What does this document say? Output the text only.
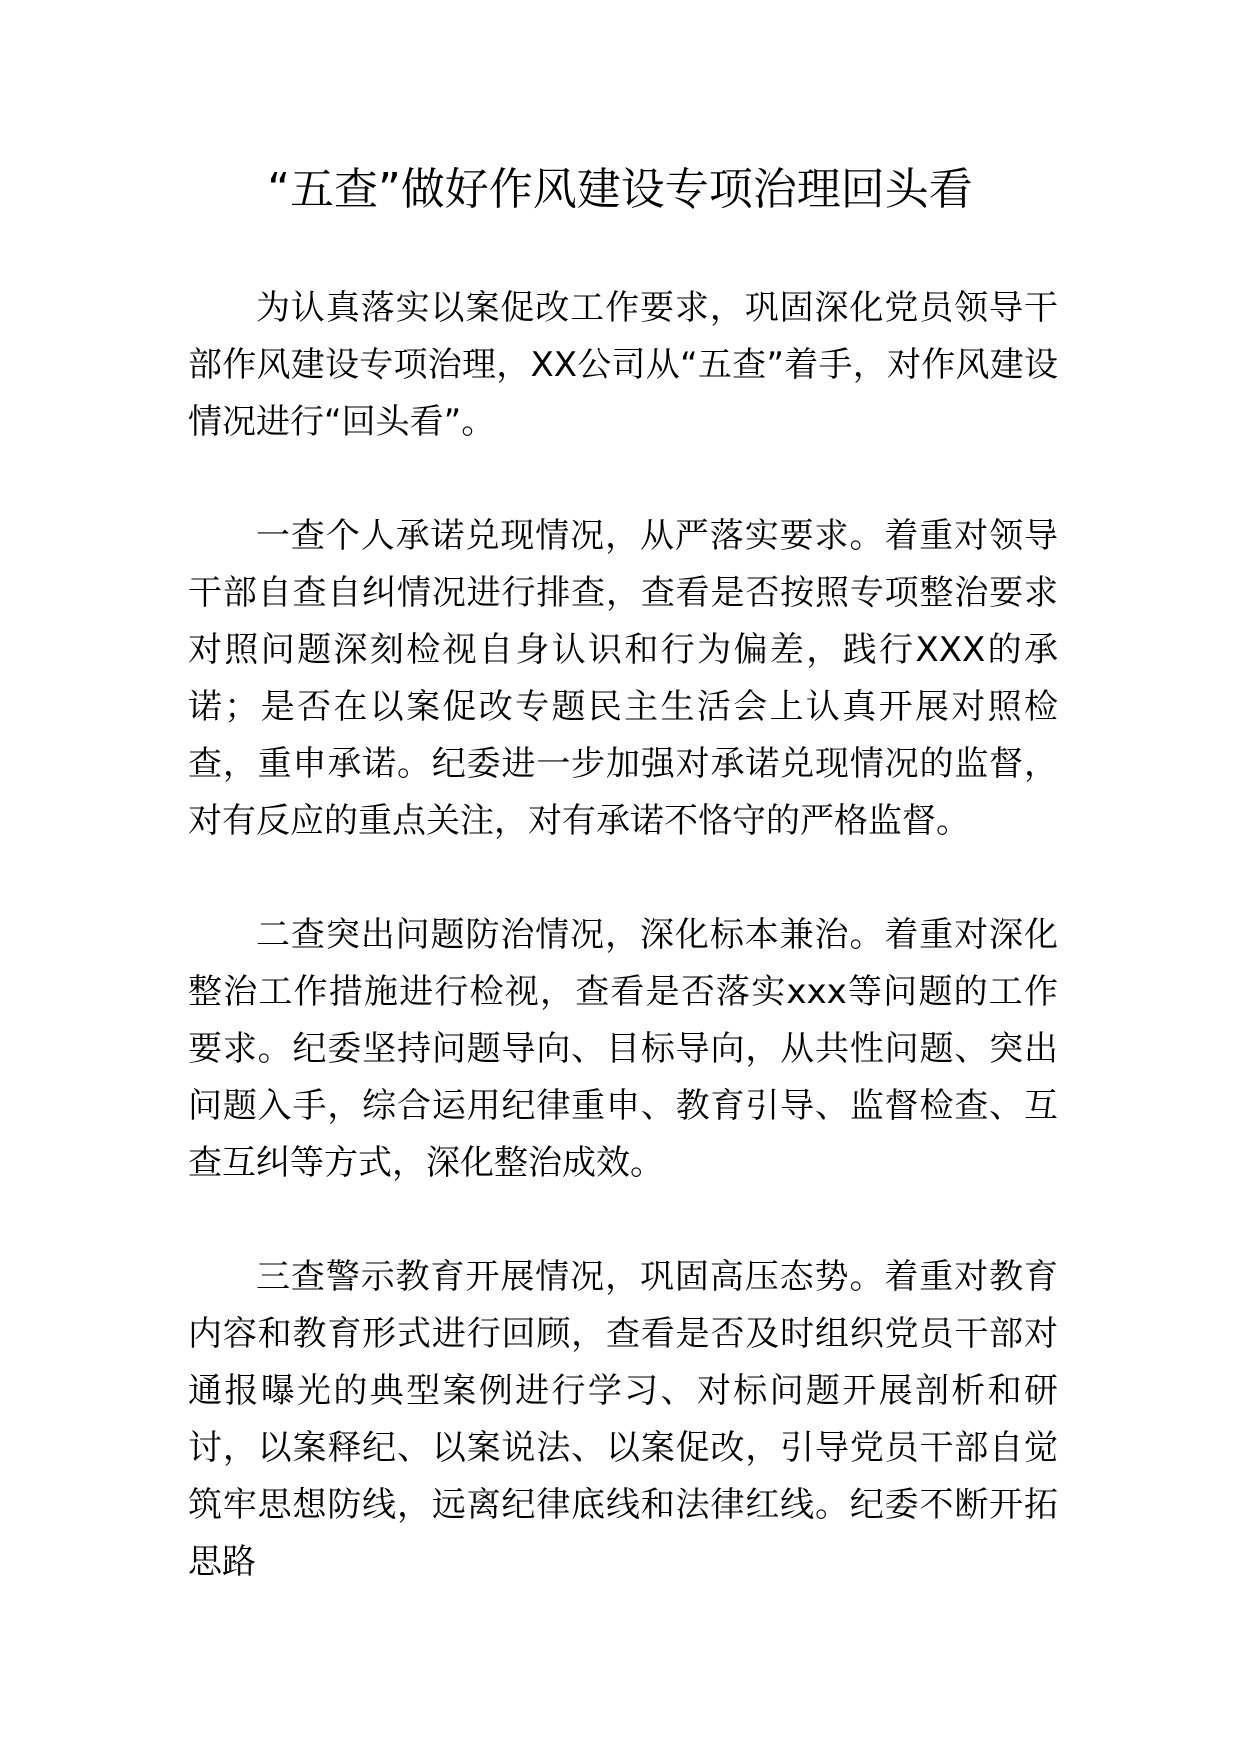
“五查”做好作风建设专项治理回头看

为认真落实以案促改工作要求，巩固深化党员领导干部作风建设专项治理，XX公司从“五查”着手，对作风建设情况进行“回头看”。

一查个人承诺兑现情况，从严落实要求。着重对领导干部自查自纠情况进行排查，查看是否按照专项整治要求对照问题深刻检视自身认识和行为偏差，践行XXX的承诺；是否在以案促改专题民主生活会上认真开展对照检查，重申承诺。纪委进一步加强对承诺兑现情况的监督，对有反应的重点关注，对有承诺不恪守的严格监督。

二查突出问题防治情况，深化标本兼治。着重对深化整治工作措施进行检视，查看是否落实xxx等问题的工作要求。纪委坚持问题导向、目标导向，从共性问题、突出问题入手，综合运用纪律重申、教育引导、监督检查、互查互纠等方式，深化整治成效。

三查警示教育开展情况，巩固高压态势。着重对教育内容和教育形式进行回顾，查看是否及时组织党员干部对通报曝光的典型案例进行学习、对标问题开展剖析和研讨，以案释纪、以案说法、以案促改，引导党员干部自觉筑牢思想防线，远离纪律底线和法律红线。纪委不断开拓思路
